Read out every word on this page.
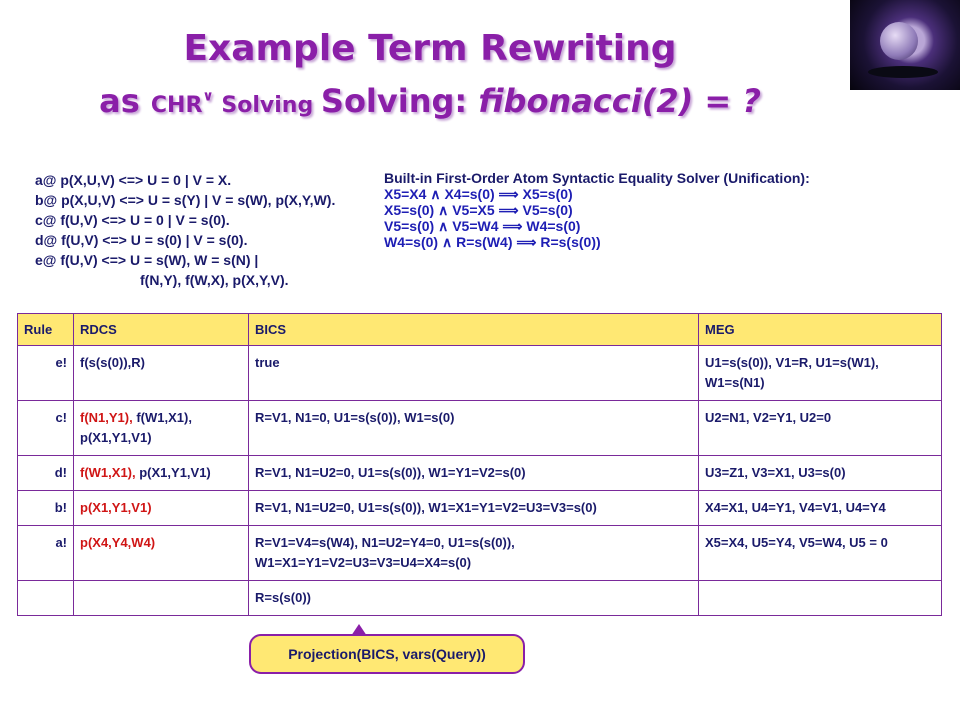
Example Term Rewriting
as CHR∨ Solving Solving: fibonacci(2) = ?
a@ p(X,U,V) <=> U = 0 | V = X.
b@ p(X,U,V) <=> U = s(Y) | V = s(W), p(X,Y,W).
c@ f(U,V) <=> U = 0 | V = s(0).
d@ f(U,V) <=> U = s(0) | V = s(0).
e@ f(U,V) <=> U = s(W), W = s(N) |
f(N,Y), f(W,X), p(X,Y,V).
Built-in First-Order Atom Syntactic Equality Solver (Unification):
X5=X4 ∧ X4=s(0) ⟹ X5=s(0)
X5=s(0) ∧ V5=X5 ⟹ V5=s(0)
V5=s(0) ∧ V5=W4 ⟹ W4=s(0)
W4=s(0) ∧ R=s(W4) ⟹ R=s(s(0))
Rule	RDCS	BICS	MEG
e!	f(s(s(0)),R)	true	U1=s(s(0)), V1=R, U1=s(W1), W1=s(N1)
c!	f(N1,Y1), f(W1,X1), p(X1,Y1,V1)	R=V1, N1=0, U1=s(s(0)), W1=s(0)	U2=N1, V2=Y1, U2=0
d!	f(W1,X1), p(X1,Y1,V1)	R=V1, N1=U2=0, U1=s(s(0)), W1=Y1=V2=s(0)	U3=Z1, V3=X1, U3=s(0)
b!	p(X1,Y1,V1)	R=V1, N1=U2=0, U1=s(s(0)), W1=X1=Y1=V2=U3=V3=s(0)	X4=X1, U4=Y1, V4=V1, U4=Y4
a!	p(X4,Y4,W4)	R=V1=V4=s(W4), N1=U2=Y4=0, U1=s(s(0)), W1=X1=Y1=V2=U3=V3=U4=X4=s(0)	X5=X4, U5=Y4, V5=W4, U5 = 0
		R=s(s(0))	
Projection(BICS, vars(Query))
